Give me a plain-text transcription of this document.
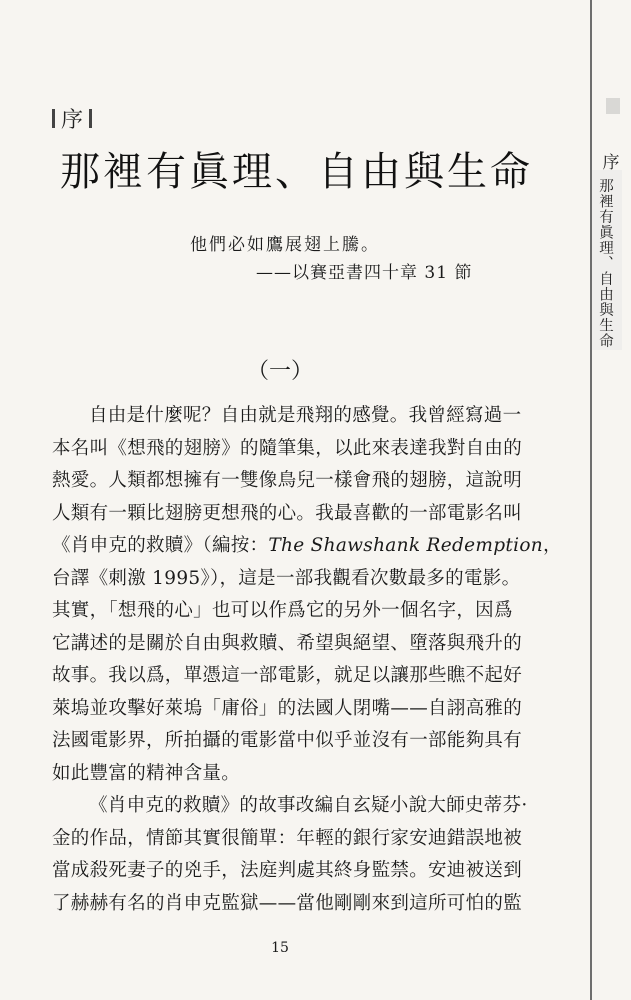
序
那裡有眞理、自由與生命
他們必如鷹展翅上騰。
——以賽亞書四十章 31 節
（一）
自由是什麼呢？自由就是飛翔的感覺。我曾經寫過一
本名叫《想飛的翅膀》的隨筆集，以此來表達我對自由的
熱愛。人類都想擁有一雙像鳥兒一樣會飛的翅膀，這說明
人類有一顆比翅膀更想飛的心。我最喜歡的一部電影名叫
《肖申克的救贖》（編按：The Shawshank Redemption，
台譯《刺激 1995》），這是一部我觀看次數最多的電影。
其實，「想飛的心」也可以作爲它的另外一個名字，因爲
它講述的是關於自由與救贖、希望與絕望、墮落與飛升的
故事。我以爲，單憑這一部電影，就足以讓那些瞧不起好
萊塢並攻擊好萊塢「庸俗」的法國人閉嘴——自詡高雅的
法國電影界，所拍攝的電影當中似乎並沒有一部能夠具有
如此豐富的精神含量。
《肖申克的救贖》的故事改編自玄疑小說大師史蒂芬·
金的作品，情節其實很簡單：年輕的銀行家安迪錯誤地被
當成殺死妻子的兇手，法庭判處其終身監禁。安迪被送到
了赫赫有名的肖申克監獄——當他剛剛來到這所可怕的監
15
序
那裡有眞理、自由與生命
